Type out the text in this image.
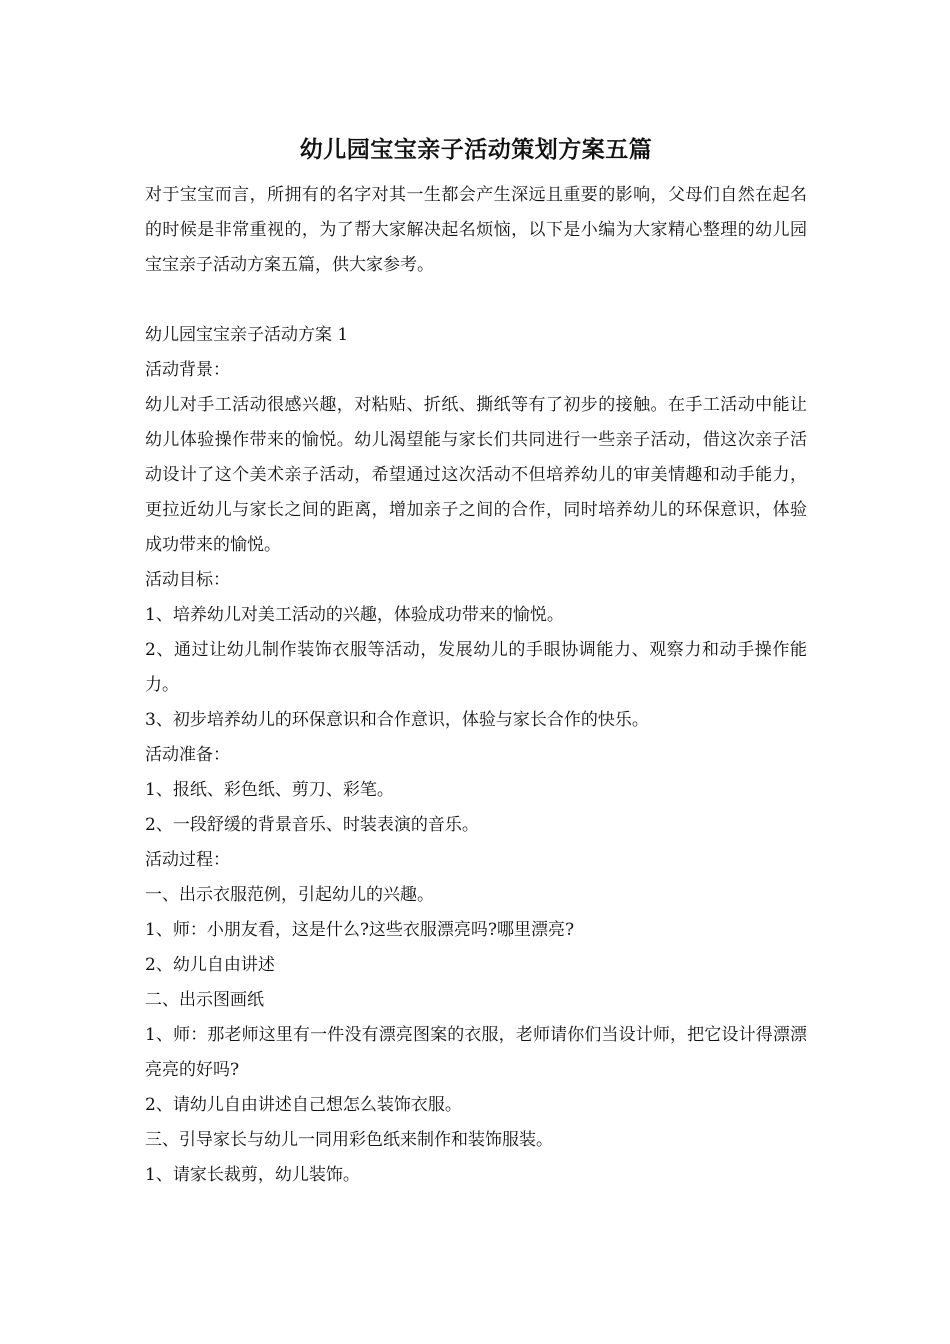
幼儿园宝宝亲子活动策划方案五篇

对于宝宝而言，所拥有的名字对其一生都会产生深远且重要的影响，父母们自然在起名的时候是非常重视的，为了帮大家解决起名烦恼，以下是小编为大家精心整理的幼儿园宝宝亲子活动方案五篇，供大家参考。

幼儿园宝宝亲子活动方案 1

活动背景：

幼儿对手工活动很感兴趣，对粘贴、折纸、撕纸等有了初步的接触。在手工活动中能让幼儿体验操作带来的愉悦。幼儿渴望能与家长们共同进行一些亲子活动，借这次亲子活动设计了这个美术亲子活动，希望通过这次活动不但培养幼儿的审美情趣和动手能力，更拉近幼儿与家长之间的距离，增加亲子之间的合作，同时培养幼儿的环保意识，体验成功带来的愉悦。

活动目标：

1、培养幼儿对美工活动的兴趣，体验成功带来的愉悦。

2、通过让幼儿制作装饰衣服等活动，发展幼儿的手眼协调能力、观察力和动手操作能力。

3、初步培养幼儿的环保意识和合作意识，体验与家长合作的快乐。

活动准备：

1、报纸、彩色纸、剪刀、彩笔。

2、一段舒缓的背景音乐、时装表演的音乐。

活动过程：

一、出示衣服范例，引起幼儿的兴趣。

1、师：小朋友看，这是什么?这些衣服漂亮吗?哪里漂亮?

2、幼儿自由讲述

二、出示图画纸

1、师：那老师这里有一件没有漂亮图案的衣服，老师请你们当设计师，把它设计得漂漂亮亮的好吗?

2、请幼儿自由讲述自己想怎么装饰衣服。

三、引导家长与幼儿一同用彩色纸来制作和装饰服装。

1、请家长裁剪，幼儿装饰。
